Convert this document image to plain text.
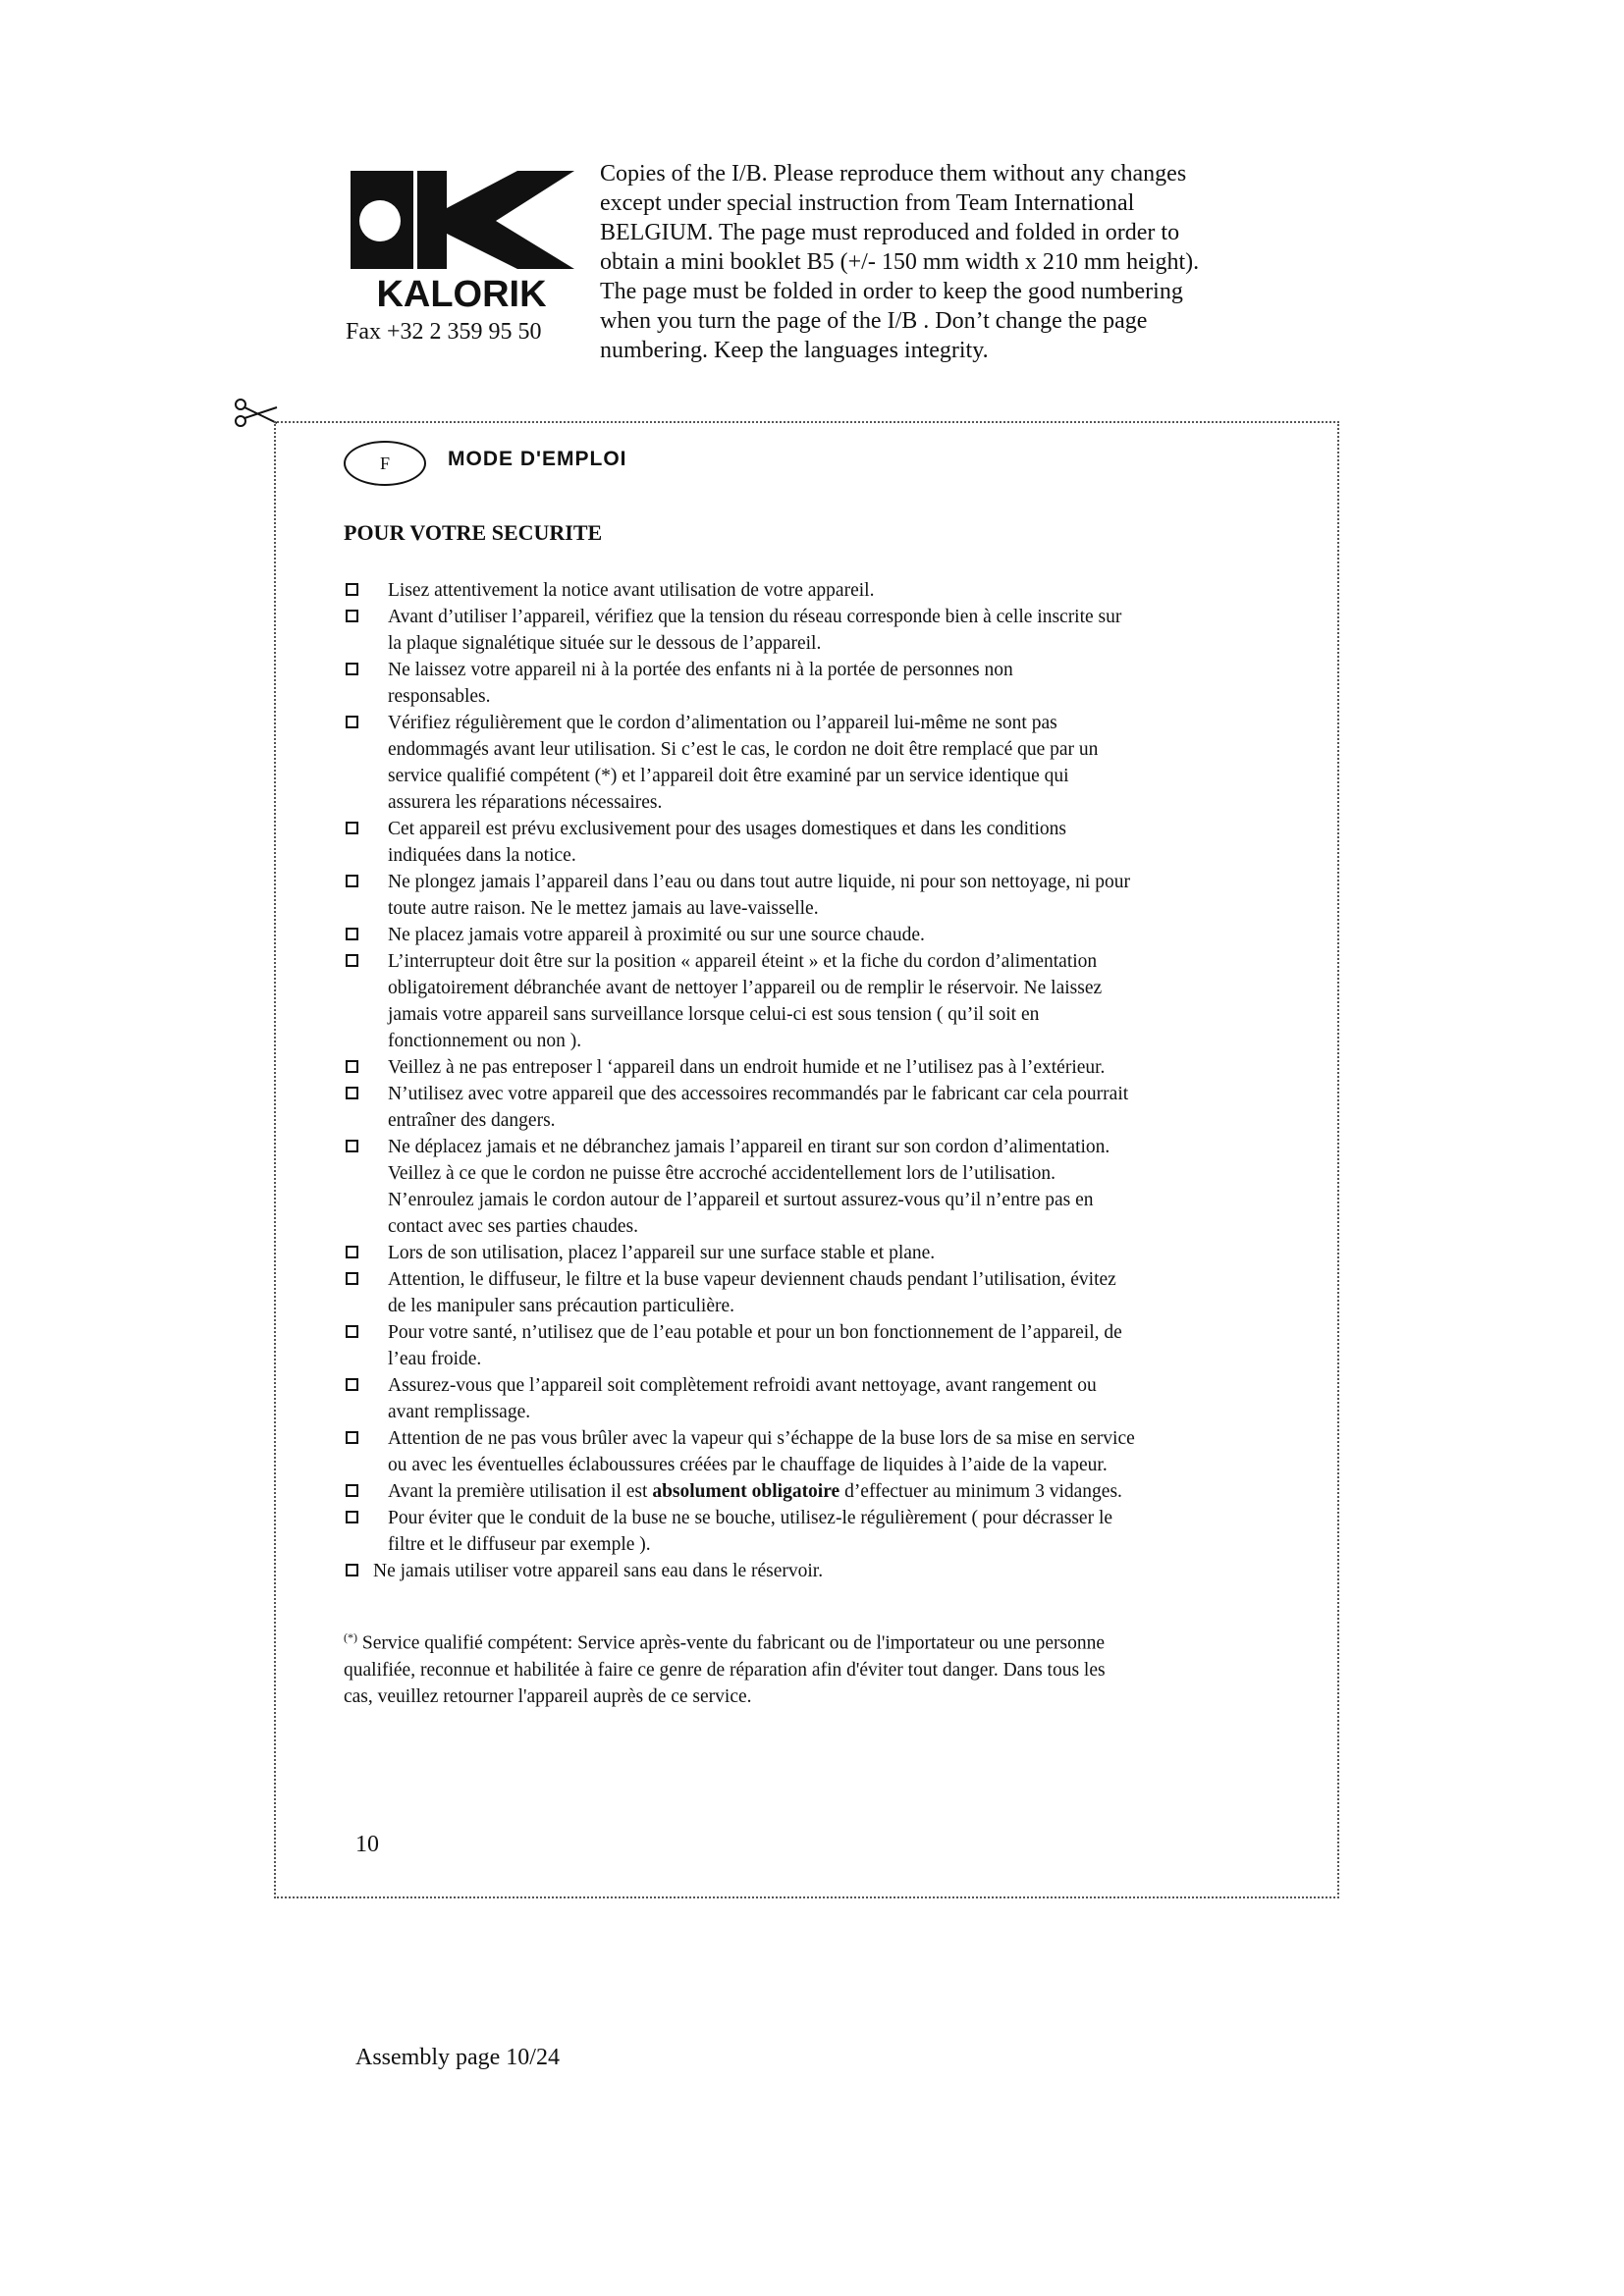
KALORIK
Fax +32 2 359 95 50
Copies of the I/B. Please reproduce them without any changes
except under special instruction from Team International
BELGIUM. The page must reproduced and folded in order to
obtain a mini booklet B5 (+/- 150 mm width x 210 mm height).
The page must be folded in order to keep the good numbering
when you turn the page of the I/B . Don’t change the page
numbering. Keep the languages integrity.
F	MODE D'EMPLOI
POUR VOTRE SECURITE
Lisez attentivement la notice avant utilisation de votre appareil.
Avant d’utiliser l’appareil, vérifiez que la tension du réseau corresponde bien à celle inscrite sur
la plaque signalétique située sur le dessous de l’appareil.
Ne laissez votre appareil ni à la portée des enfants ni à la portée de personnes non
responsables.
Vérifiez régulièrement que le cordon d’alimentation ou l’appareil lui-même ne sont pas
endommagés avant leur utilisation. Si c’est le cas, le cordon ne doit être remplacé que par un
service qualifié compétent (*) et l’appareil doit être examiné par un service identique qui
assurera les réparations nécessaires.
Cet appareil est prévu exclusivement pour des usages domestiques et dans les conditions
indiquées dans la notice.
Ne plongez jamais l’appareil dans l’eau ou dans tout autre liquide, ni pour son nettoyage, ni pour
toute autre raison. Ne le mettez jamais au lave-vaisselle.
Ne placez jamais votre appareil à proximité ou sur une source chaude.
L’interrupteur doit être sur la position « appareil éteint » et la fiche du cordon d’alimentation
obligatoirement débranchée avant de nettoyer l’appareil ou de remplir le réservoir. Ne laissez
jamais votre appareil sans surveillance lorsque celui-ci est sous tension ( qu’il soit en
fonctionnement ou non ).
Veillez à ne pas entreposer l ‘appareil dans un endroit humide et ne l’utilisez pas à l’extérieur.
N’utilisez avec votre appareil que des accessoires recommandés par le fabricant car cela pourrait
entraîner des dangers.
Ne déplacez jamais et ne débranchez jamais l’appareil en tirant sur son cordon d’alimentation.
Veillez à ce que le cordon ne puisse être accroché accidentellement lors de l’utilisation.
N’enroulez jamais le cordon autour de l’appareil et surtout assurez-vous qu’il n’entre pas en
contact avec ses parties chaudes.
Lors de son utilisation, placez l’appareil sur une surface stable et plane.
Attention, le diffuseur, le filtre et la buse vapeur deviennent chauds pendant l’utilisation, évitez
de les manipuler sans précaution particulière.
Pour votre santé, n’utilisez que de l’eau potable et pour un bon fonctionnement de l’appareil, de
l’eau froide.
Assurez-vous que l’appareil soit complètement refroidi avant nettoyage, avant rangement ou
avant remplissage.
Attention de ne pas vous brûler avec la vapeur qui s’échappe de la buse lors de sa mise en service
ou avec les éventuelles éclaboussures créées par le chauffage de liquides à l’aide de la vapeur.
Avant la première utilisation il est absolument obligatoire d’effectuer au minimum 3 vidanges.
Pour éviter que le conduit de la buse ne se bouche, utilisez-le régulièrement ( pour décrasser le
filtre et le diffuseur par exemple ).
Ne jamais utiliser votre appareil sans eau dans le réservoir.
(*) Service qualifié compétent: Service après-vente du fabricant ou de l'importateur ou une personne
qualifiée, reconnue et habilitée à faire ce genre de réparation afin d'éviter tout danger. Dans tous les
cas, veuillez retourner l'appareil auprès de ce service.
10
Assembly page 10/24
